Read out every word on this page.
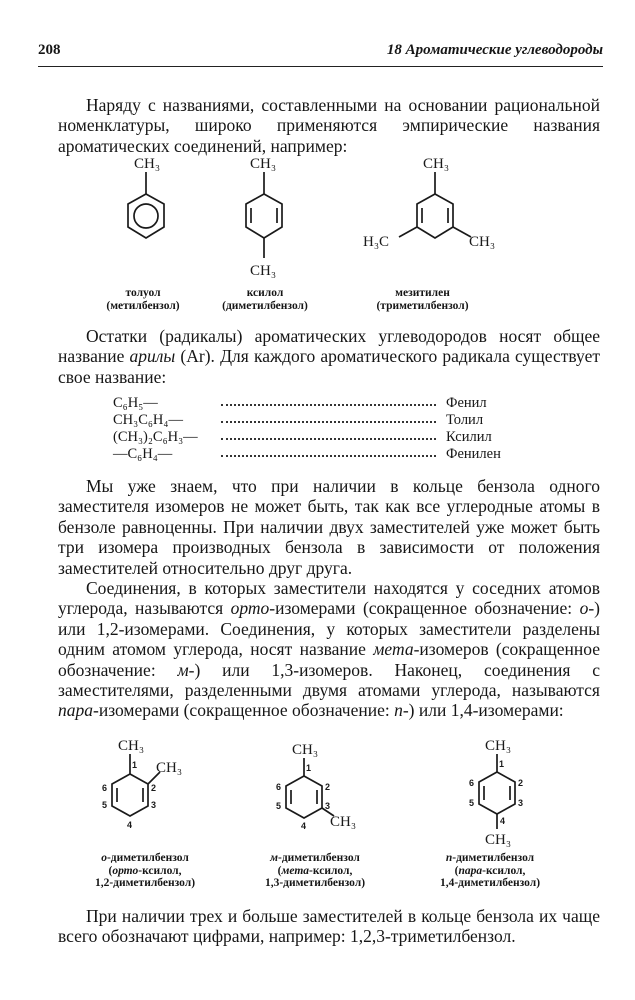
208	18 Ароматические углеводороды

Наряду с названиями, составленными на основании рациональной номенклатуры, широко применяются эмпирические названия ароматических соединений, например:

CH₃	CH₃
CH₃
CH₃
H₃C	CH₃
толуол
(метилбензол)
ксилол
(диметилбензол)
мезитилен
(триметилбензол)

Остатки (радикалы) ароматических углеводородов носят общее название арилы (Ar). Для каждого ароматического радикала существует свое название:

C₆H₅—	Фенил
CH₃C₆H₄—	Толил
(CH₃)₂C₆H₃—	Ксилил
—C₆H₄—	Фенилен

Мы уже знаем, что при наличии в кольце бензола одного заместителя изомеров не может быть, так как все углеродные атомы в бензоле равноценны. При наличии двух заместителей уже может быть три изомера производных бензола в зависимости от положения заместителей относительно друг друга.

Соединения, в которых заместители находятся у соседних атомов углерода, называются орто-изомерами (сокращенное обозначение: о-) или 1,2-изомерами. Соединения, у которых заместители разделены одним атомом углерода, носят название мета-изомеров (сокращенное обозначение: м-) или 1,3-изомеров. Наконец, соединения с заместителями, разделенными двумя атомами углерода, называются пара-изомерами (сокращенное обозначение: п-) или 1,4-изомерами:

CH₃
CH₃
1
2
3
4
5
6
CH₃
CH₃
1
2
3
4
5
6
CH₃
CH₃
1
2
3
4
5
6
о-диметилбензол
(орто-ксилол,
1,2-диметилбензол)
м-диметилбензол
(мета-ксилол,
1,3-диметилбензол)
п-диметилбензол
(пара-ксилол,
1,4-диметилбензол)

При наличии трех и больше заместителей в кольце бензола их чаще всего обозначают цифрами, например: 1,2,3-триметилбензол.
